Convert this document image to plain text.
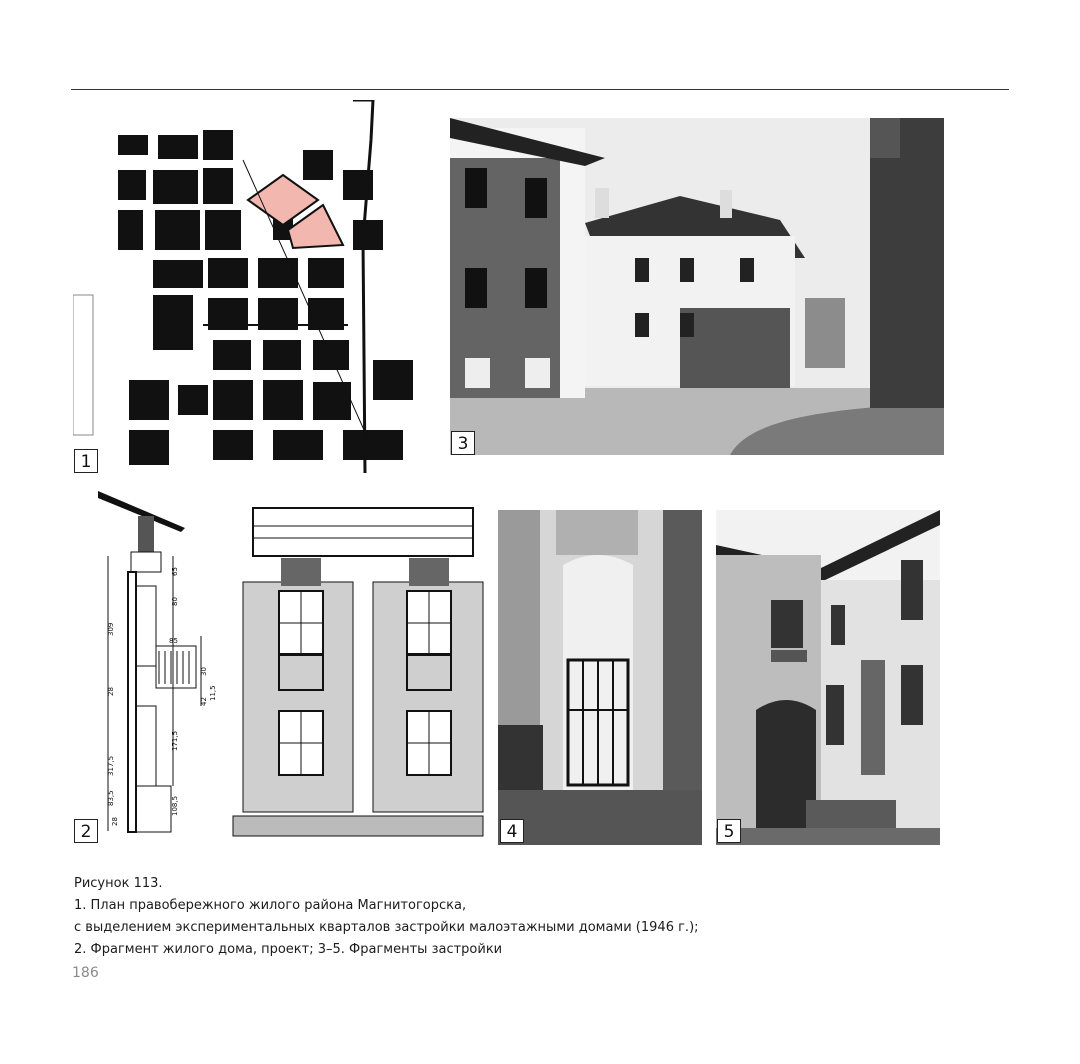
1
3
309
65
80
85
30
11,5
28
42
317,5
171,5
83,5	108,5
28
2	4	5
Рисунок 113.
1. План правобережного жилого района Магнитогорска,
с выделением экспериментальных кварталов застройки малоэтажными домами (1946 г.);
2. Фрагмент жилого дома, проект; 3–5. Фрагменты застройки
186
